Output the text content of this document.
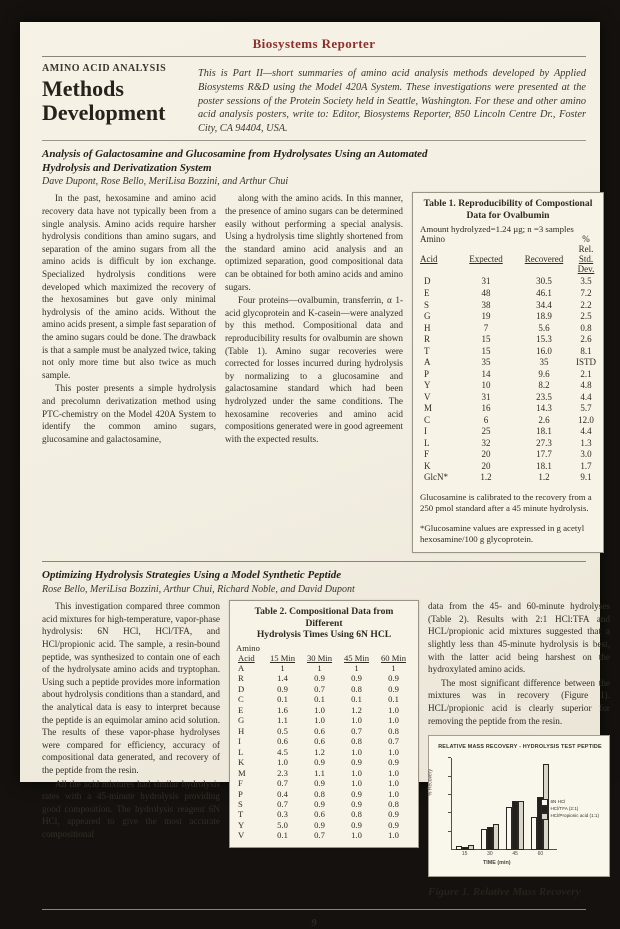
Biosystems Reporter
AMINO ACID ANALYSIS
Methods
Development
This is Part II—short summaries of amino acid analysis methods developed by Applied Biosystems R&D using the Model 420A System. These investigations were presented at the poster sessions of the Protein Society held in Seattle, Washington. For these and other amino acid analysis posters, write to: Editor, Biosystems Reporter, 850 Lincoln Centre Dr., Foster City, CA 94404, USA.
Analysis of Galactosamine and Glucosamine from Hydrolysates Using an Automated Hydrolysis and Derivatization System
Dave Dupont, Rose Bello, MeriLisa Bozzini, and Arthur Chui

In the past, hexosamine and amino acid recovery data have not typically been from a single analysis. Amino acids require harsher hydrolysis conditions than amino sugars, and separation of the amino sugars from all the amino acids is difficult by ion exchange. Specialized hydrolysis conditions were developed which maximized the recovery of the hexosamines but gave only minimal hydrolysis of the amino acids. Without the amino acids present, a simple fast separation of the amino sugars could be done. The drawback is that a sample must be analyzed twice, taking not only more time but also twice as much sample.

This poster presents a simple hydrolysis and precolumn derivatization method using PTC-chemistry on the Model 420A System to identify the common amino sugars, glucosamine and galactosamine,

along with the amino acids. In this manner, the presence of amino sugars can be determined easily without performing a special analysis. Using a hydrolysis time slightly shortened from the standard amino acid analysis and an optimized separation, good compositional data can be obtained for both amino acids and amino sugars.

Four proteins—ovalbumin, transferrin, α 1-acid glycoprotein and K-casein—were analyzed by this method. Compositional data and reproducibility results for ovalbumin are shown (Table 1). Amino sugar recoveries were corrected for losses incurred during hydrolysis by normalizing to a glucosamine and galactosamine standard which had been hydrolyzed under the same conditions. The hexosamine recoveries and amino acid compositions generated were in good agreement with the expected results.

Table 1. Reproducibility of Compostional
Data for Ovalbumin
Amount hydrolyzed=1.24 µg; n =3 samples
Amino	% Rel.
Acid	Expected	Recovered	Std. Dev.
D	31	30.5	3.5
E	48	46.1	7.2
S	38	34.4	2.2
G	19	18.9	2.5
H	7	5.6	0.8
R	15	15.3	2.6
T	15	16.0	8.1
A	35	35	ISTD
P	14	9.6	2.1
Y	10	8.2	4.8
V	31	23.5	4.4
M	16	14.3	5.7
C	6	2.6	12.0
I	25	18.1	4.4
L	32	27.3	1.3
F	20	17.7	3.0
K	20	18.1	1.7
GlcN*	1.2	1.2	9.1
Glucosamine is calibrated to the recovery from a 250 pmol standard after a 45 minute hydrolysis.
*Glucosamine values are expressed in g acetyl hexosamine/100 g glycoprotein.
Optimizing Hydrolysis Strategies Using a Model Synthetic Peptide
Rose Bello, MeriLisa Bozzini, Arthur Chui, Richard Noble, and David Dupont

This investigation compared three common acid mixtures for high-temperature, vapor-phase hydrolysis: 6N HCl, HCl/TFA, and HCl/propionic acid. The sample, a resin-bound peptide, was synthesized to contain one of each of the hydrolysate amino acids and tryptophan. Using such a peptide provides more information about hydrolysis conditions than a standard, and the analytical data is easy to interpret because the peptide is an equimolar amino acid solution. The results of these vapor-phase hydrolyses were compared for efficiency, accuracy of compositional data generated, and recovery of the peptide from the resin.

All the acid mixtures had similar hydrolysis rates with a 45-minute hydrolysis providing good composition. The hydrolysis reagent 6N HCl, appeared to give the most accurate compositional

Table 2. Compositional Data from Different
Hydrolysis Times Using 6N HCL
Amino
Acid	15 Min	30 Min	45 Min	60 Min
A	1	1	1	1
R	1.4	0.9	0.9	0.9
D	0.9	0.7	0.8	0.9
C	0.1	0.1	0.1	0.1
E	1.6	1.0	1.2	1.0
G	1.1	1.0	1.0	1.0
H	0.5	0.6	0.7	0.8
I	0.6	0.6	0.8	0.7
L	4.5	1.2	1.0	1.0
K	1.0	0.9	0.9	0.9
M	2.3	1.1	1.0	1.0
F	0.7	0.9	1.0	1.0
P	0.4	0.8	0.9	1.0
S	0.7	0.9	0.9	0.8
T	0.3	0.6	0.8	0.9
Y	5.0	0.9	0.9	0.9
V	0.1	0.7	1.0	1.0

data from the 45- and 60-minute hydrolyses (Table 2). Results with 2:1 HCl:TFA and HCL/propionic acid mixtures suggested that a slightly less than 45-minute hydrolysis is best, with the latter acid being harshest on the hydroxylated amino acids.

The most significant difference between the mixtures was in recovery (Figure 1). HCL/propionic acid is clearly superior for removing the peptide from the resin.

RELATIVE MASS RECOVERY - HYDROLYSIS TEST PEPTIDE
% Recovery
15	30	45	60
6N HCl
HCl/TFA (2:1)
HCl/Propionic acid (1:1)
TIME (min)
Figure 1. Relative Mass Recovery
9
